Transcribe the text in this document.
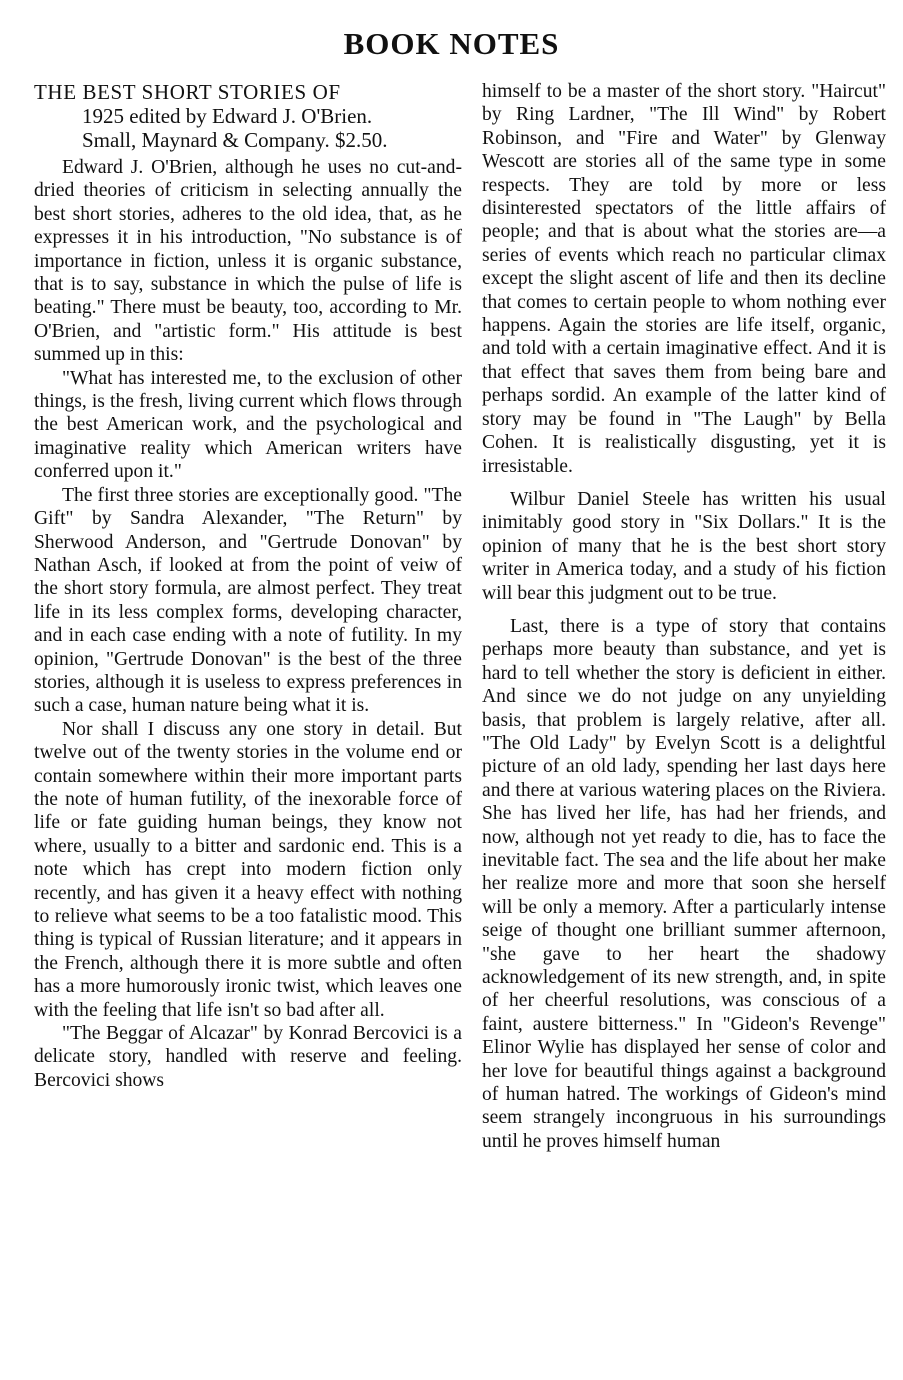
BOOK NOTES
THE BEST SHORT STORIES OF
1925 edited by Edward J. O'Brien.
Small, Maynard & Company. $2.50.

Edward J. O'Brien, although he uses no cut-and-dried theories of criticism in selecting annually the best short stories, adheres to the old idea, that, as he expresses it in his introduction, "No substance is of importance in fiction, unless it is organic substance, that is to say, substance in which the pulse of life is beating." There must be beauty, too, according to Mr. O'Brien, and "artistic form." His attitude is best summed up in this:

"What has interested me, to the exclusion of other things, is the fresh, living current which flows through the best American work, and the psychological and imaginative reality which American writers have conferred upon it."

The first three stories are exceptionally good. "The Gift" by Sandra Alexander, "The Return" by Sherwood Anderson, and "Gertrude Donovan" by Nathan Asch, if looked at from the point of veiw of the short story formula, are almost perfect. They treat life in its less complex forms, developing character, and in each case ending with a note of futility. In my opinion, "Gertrude Donovan" is the best of the three stories, although it is useless to express preferences in such a case, human nature being what it is.

Nor shall I discuss any one story in detail. But twelve out of the twenty stories in the volume end or contain somewhere within their more important parts the note of human futility, of the inexorable force of life or fate guiding human beings, they know not where, usually to a bitter and sardonic end. This is a note which has crept into modern fiction only recently, and has given it a heavy effect with nothing to relieve what seems to be a too fatalistic mood. This thing is typical of Russian literature; and it appears in the French, although there it is more subtle and often has a more humorously ironic twist, which leaves one with the feeling that life isn't so bad after all.

"The Beggar of Alcazar" by Konrad Bercovici is a delicate story, handled with reserve and feeling. Bercovici shows

himself to be a master of the short story. "Haircut" by Ring Lardner, "The Ill Wind" by Robert Robinson, and "Fire and Water" by Glenway Wescott are stories all of the same type in some respects. They are told by more or less disinterested spectators of the little affairs of people; and that is about what the stories are—a series of events which reach no particular climax except the slight ascent of life and then its decline that comes to certain people to whom nothing ever happens. Again the stories are life itself, organic, and told with a certain imaginative effect. And it is that effect that saves them from being bare and perhaps sordid. An example of the latter kind of story may be found in "The Laugh" by Bella Cohen. It is realistically disgusting, yet it is irresistable.

Wilbur Daniel Steele has written his usual inimitably good story in "Six Dollars." It is the opinion of many that he is the best short story writer in America today, and a study of his fiction will bear this judgment out to be true.

Last, there is a type of story that contains perhaps more beauty than substance, and yet is hard to tell whether the story is deficient in either. And since we do not judge on any unyielding basis, that problem is largely relative, after all. "The Old Lady" by Evelyn Scott is a delightful picture of an old lady, spending her last days here and there at various watering places on the Riviera. She has lived her life, has had her friends, and now, although not yet ready to die, has to face the inevitable fact. The sea and the life about her make her realize more and more that soon she herself will be only a memory. After a particularly intense seige of thought one brilliant summer afternoon, "she gave to her heart the shadowy acknowledgement of its new strength, and, in spite of her cheerful resolutions, was conscious of a faint, austere bitterness." In "Gideon's Revenge" Elinor Wylie has displayed her sense of color and her love for beautiful things against a background of human hatred. The workings of Gideon's mind seem strangely incongruous in his surroundings until he proves himself human
